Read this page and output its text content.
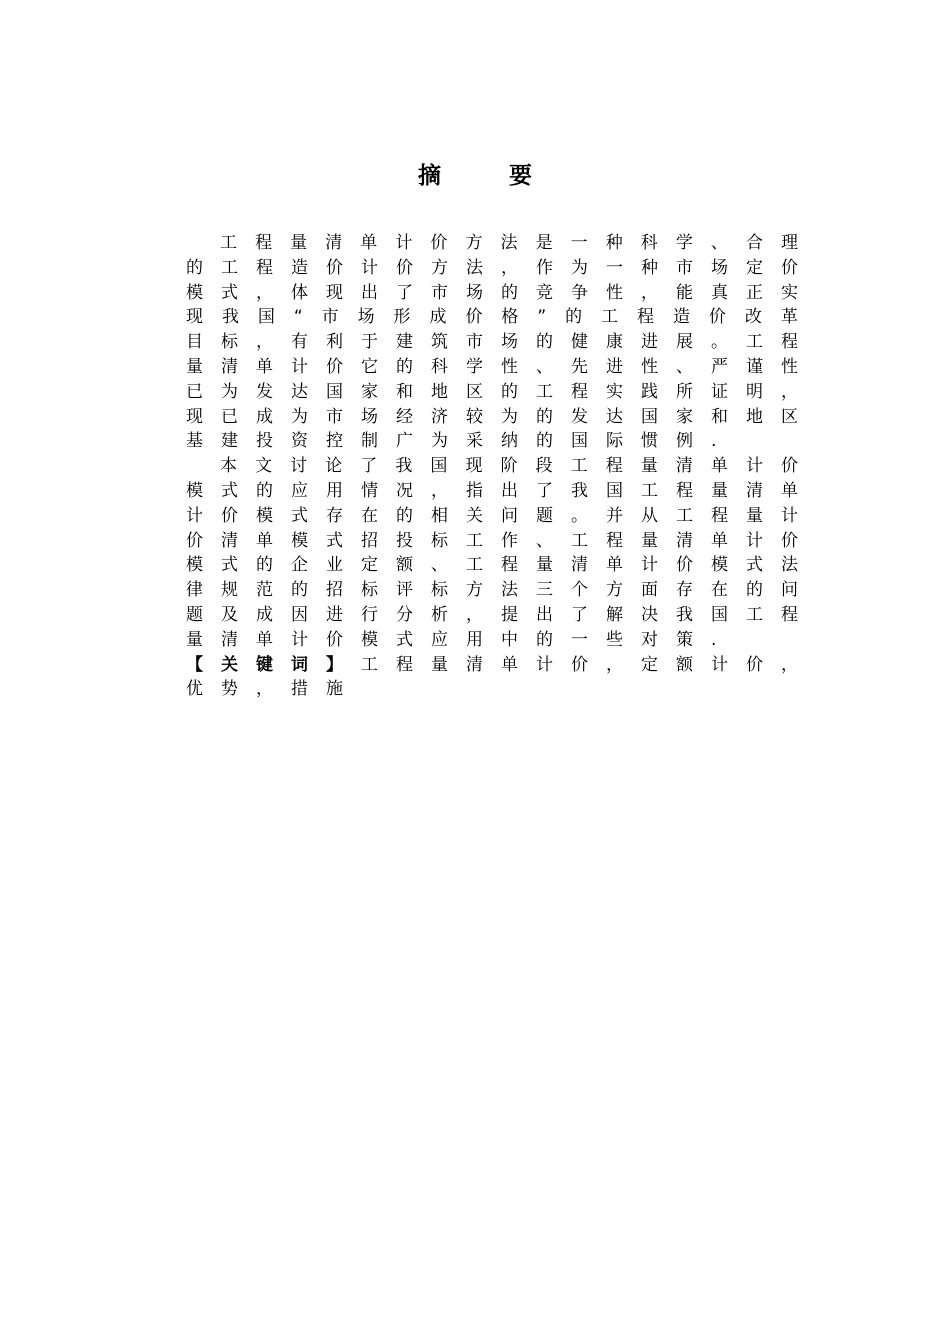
摘 要
工 程 量 清 单 计 价 方 法 是 一 种 科 学 、 合 理
的 工 程 造 价 计 价 方 法 ， 作 为 一 种 市 场 定 价
模 式 ， 体 现 出 了 市 场 的 竞 争 性 ， 能 真 正 实
现 我 国 “ 市 场 形 成 价 格 ” 的 工 程 造 价 改 革
目 标 ， 有 利 于 建 筑 市 场 的 健 康 进 展 。 工 程
量 清 单 计 价 它 的 科 学 性 、 先 进 性 、 严 谨 性
已 为 发 达 国 家 和 地 区 的 工 程 实 践 所 证 明 ，
现 已 成 为 市 场 经 济 较 为 的 发 达 国 家 和 地 区
基 建 投 资 控 制 广 为 采 纳 的 国 际 惯 例 .
本 文 讨 论 了 我 国 现 阶 段 工 程 量 清 单 计 价
模 式 的 应 用 情 况 ， 指 出 了 我 国 工 程 量 清 单
计 价 模 式 存 在 的 相 关 问 题 。 并 从 工 程 量 计
价 清 单 模 式 招 投 标 工 作 、 工 程 量 清 单 计 价
模 式 的 企 业 定 额 、 工 程 量 清 单 计 价 模 式 法
律 规 范 的 招 标 评 标 方 法 三 个 方 面 存 在 的 问
题 及 成 因 进 行 分 析 ， 提 出 了 解 决 我 国 工 程
量 清 单 计 价 模 式 应 用 中 的 一 些 对 策 .
【 关 键 词 】 工 程 量 清 单 计 价 ， 定 额 计 价 ，
优 势 ， 措 施
